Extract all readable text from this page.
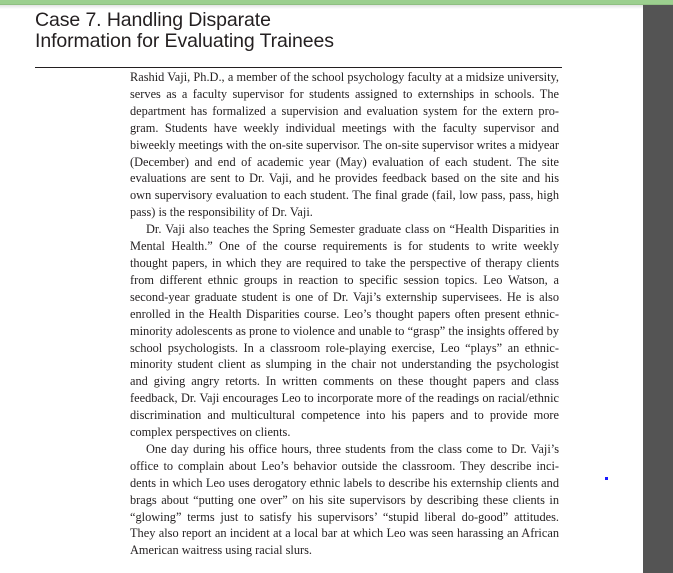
Case 7. Handling Disparate
Information for Evaluating Trainees

Rashid Vaji, Ph.D., a member of the school psychology faculty at a midsize university, serves as a faculty supervisor for students assigned to externships in schools. The department has formalized a supervision and evaluation system for the extern program. Students have weekly individual meetings with the faculty supervisor and biweekly meetings with the on-site supervisor. The on-site supervisor writes a midyear (December) and end of academic year (May) evaluation of each student. The site evaluations are sent to Dr. Vaji, and he provides feedback based on the site and his own supervisory evaluation to each student. The final grade (fail, low pass, pass, high pass) is the responsibility of Dr. Vaji.

Dr. Vaji also teaches the Spring Semester graduate class on “Health Disparities in Mental Health.” One of the course requirements is for students to write weekly thought papers, in which they are required to take the perspective of therapy clients from different ethnic groups in reaction to specific session topics. Leo Watson, a second-year graduate student is one of Dr. Vaji’s externship supervisees. He is also enrolled in the Health Disparities course. Leo’s thought papers often present ethnic-minority adolescents as prone to violence and unable to “grasp” the insights offered by school psychologists. In a classroom role-playing exercise, Leo “plays” an ethnic-minority student client as slumping in the chair not understanding the psychologist and giving angry retorts. In written comments on these thought papers and class feedback, Dr. Vaji encourages Leo to incorporate more of the readings on racial/ethnic discrimination and multicultural competence into his papers and to provide more complex perspectives on clients.

One day during his office hours, three students from the class come to Dr. Vaji’s office to complain about Leo’s behavior outside the classroom. They describe incidents in which Leo uses derogatory ethnic labels to describe his externship clients and brags about “putting one over” on his site supervisors by describing these clients in “glowing” terms just to satisfy his supervisors’ “stupid liberal do-good” attitudes. They also report an incident at a local bar at which Leo was seen harassing an African American waitress using racial slurs.
